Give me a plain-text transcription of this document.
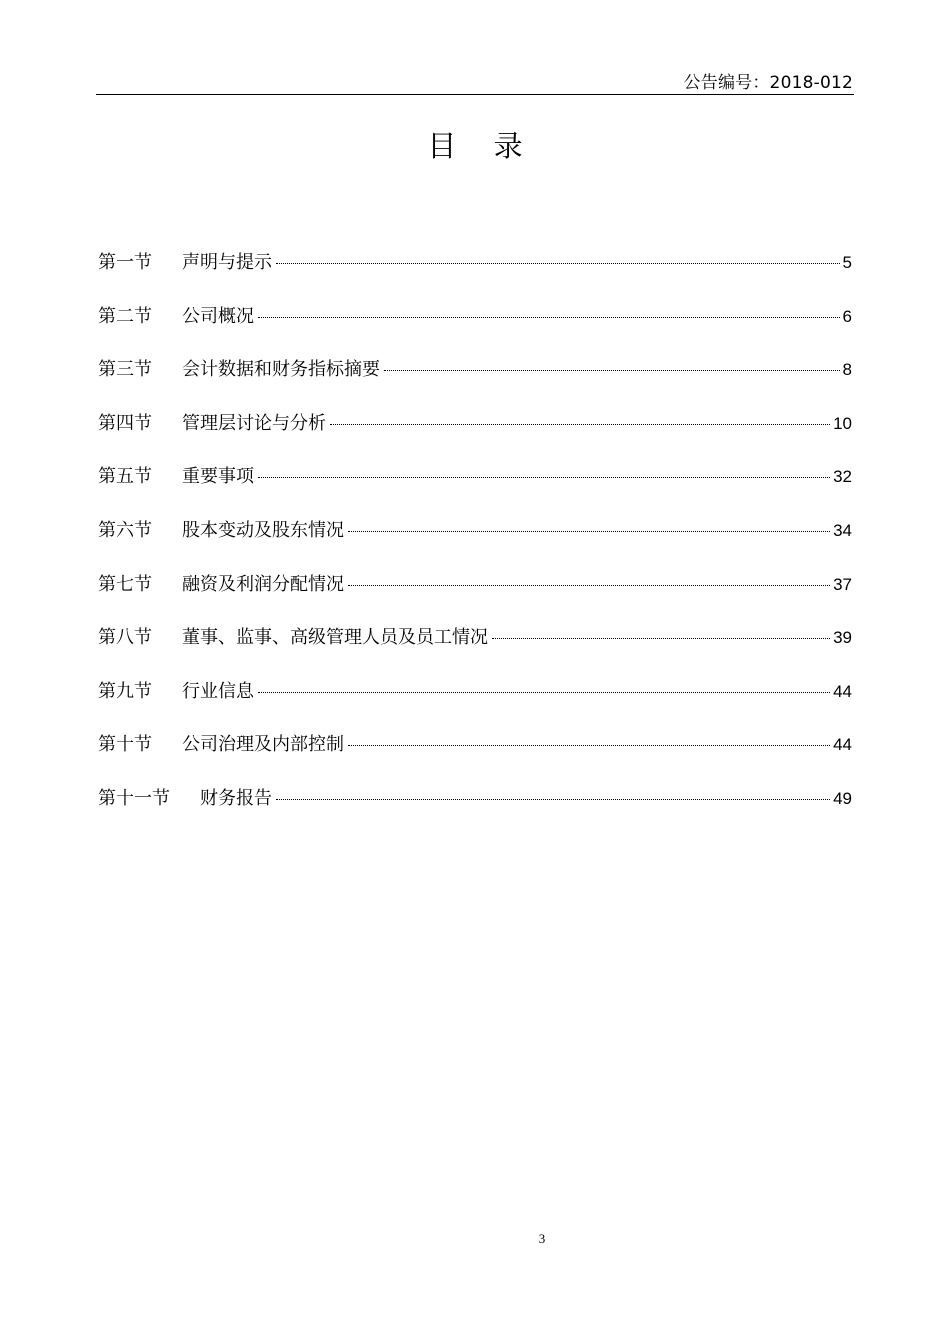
公告编号：2018-012
目 录
第一节	声明与提示	5
第二节	公司概况	6
第三节	会计数据和财务指标摘要	8
第四节	管理层讨论与分析	10
第五节	重要事项	32
第六节	股本变动及股东情况	34
第七节	融资及利润分配情况	37
第八节	董事、监事、高级管理人员及员工情况	39
第九节	行业信息	44
第十节	公司治理及内部控制	44
第十一节	财务报告	49
3
